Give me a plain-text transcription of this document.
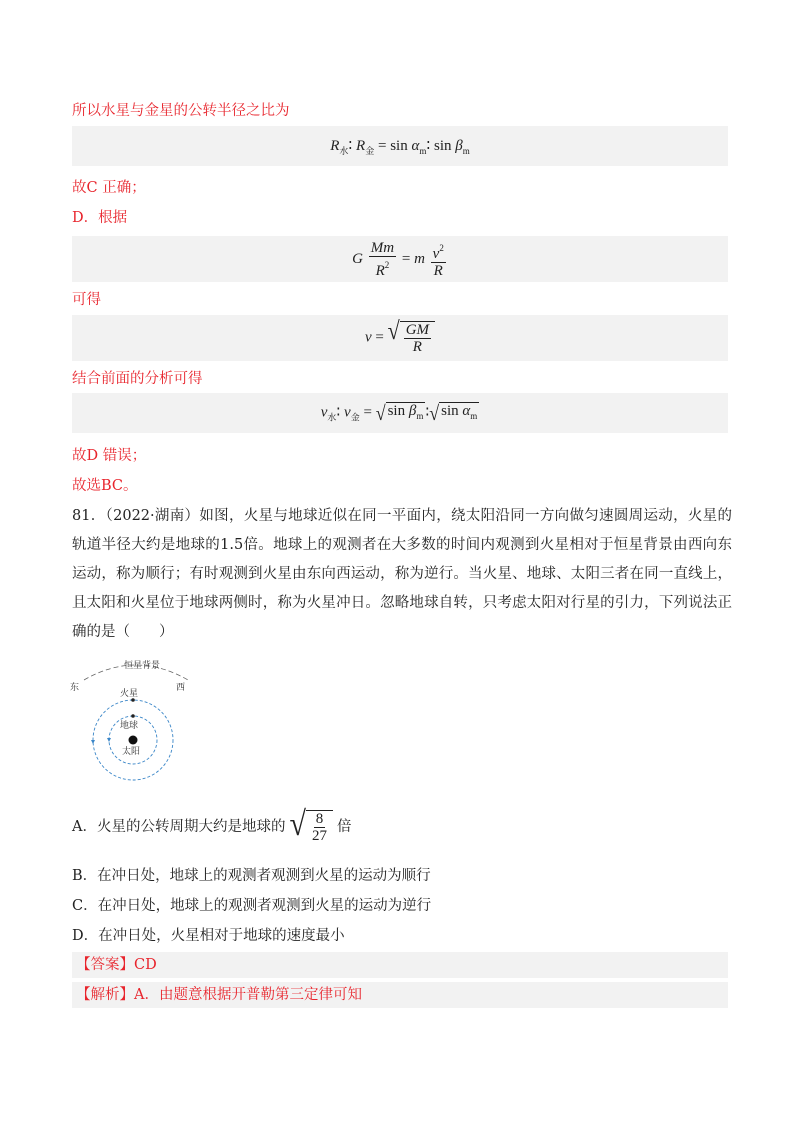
所以水星与金星的公转半径之比为
$R_水∶$ $R_金 = \sin$ $\alpha_m∶$ $\sin \beta_m$
故C 正确；
D．根据
G $\frac{Mm}{R^2} = m \frac{v^2}{R}$
可得
v = √ $\frac{GM}{R}$
结合前面的分析可得
$v_水∶$ $v_金$ = √ $\sin \beta_m$ ∶ √ $\sin \alpha_m$
故D 错误；
故选BC。
81．（2022·湖南）如图，火星与地球近似在同一平面内，绕太阳沿同一方向做匀速圆周运动，火星的轨道半径大约是地球的1.5倍。地球上的观测者在大多数的时间内观测到火星相对于恒星背景由西向东运动，称为顺行；有时观测到火星由东向西运动，称为逆行。当火星、地球、太阳三者在同一直线上，且太阳和火星位于地球两侧时，称为火星冲日。忽略地球自转，只考虑太阳对行星的引力，下列说法正确的是（　　）
恒星背景
东	西
火星
地球
太阳
A．火星的公转周期大约是地球的 √ $\frac{8}{27}$ 倍
B．在冲日处，地球上的观测者观测到火星的运动为顺行
C．在冲日处，地球上的观测者观测到火星的运动为逆行
D．在冲日处，火星相对于地球的速度最小
【答案】CD
【解析】A．由题意根据开普勒第三定律可知
